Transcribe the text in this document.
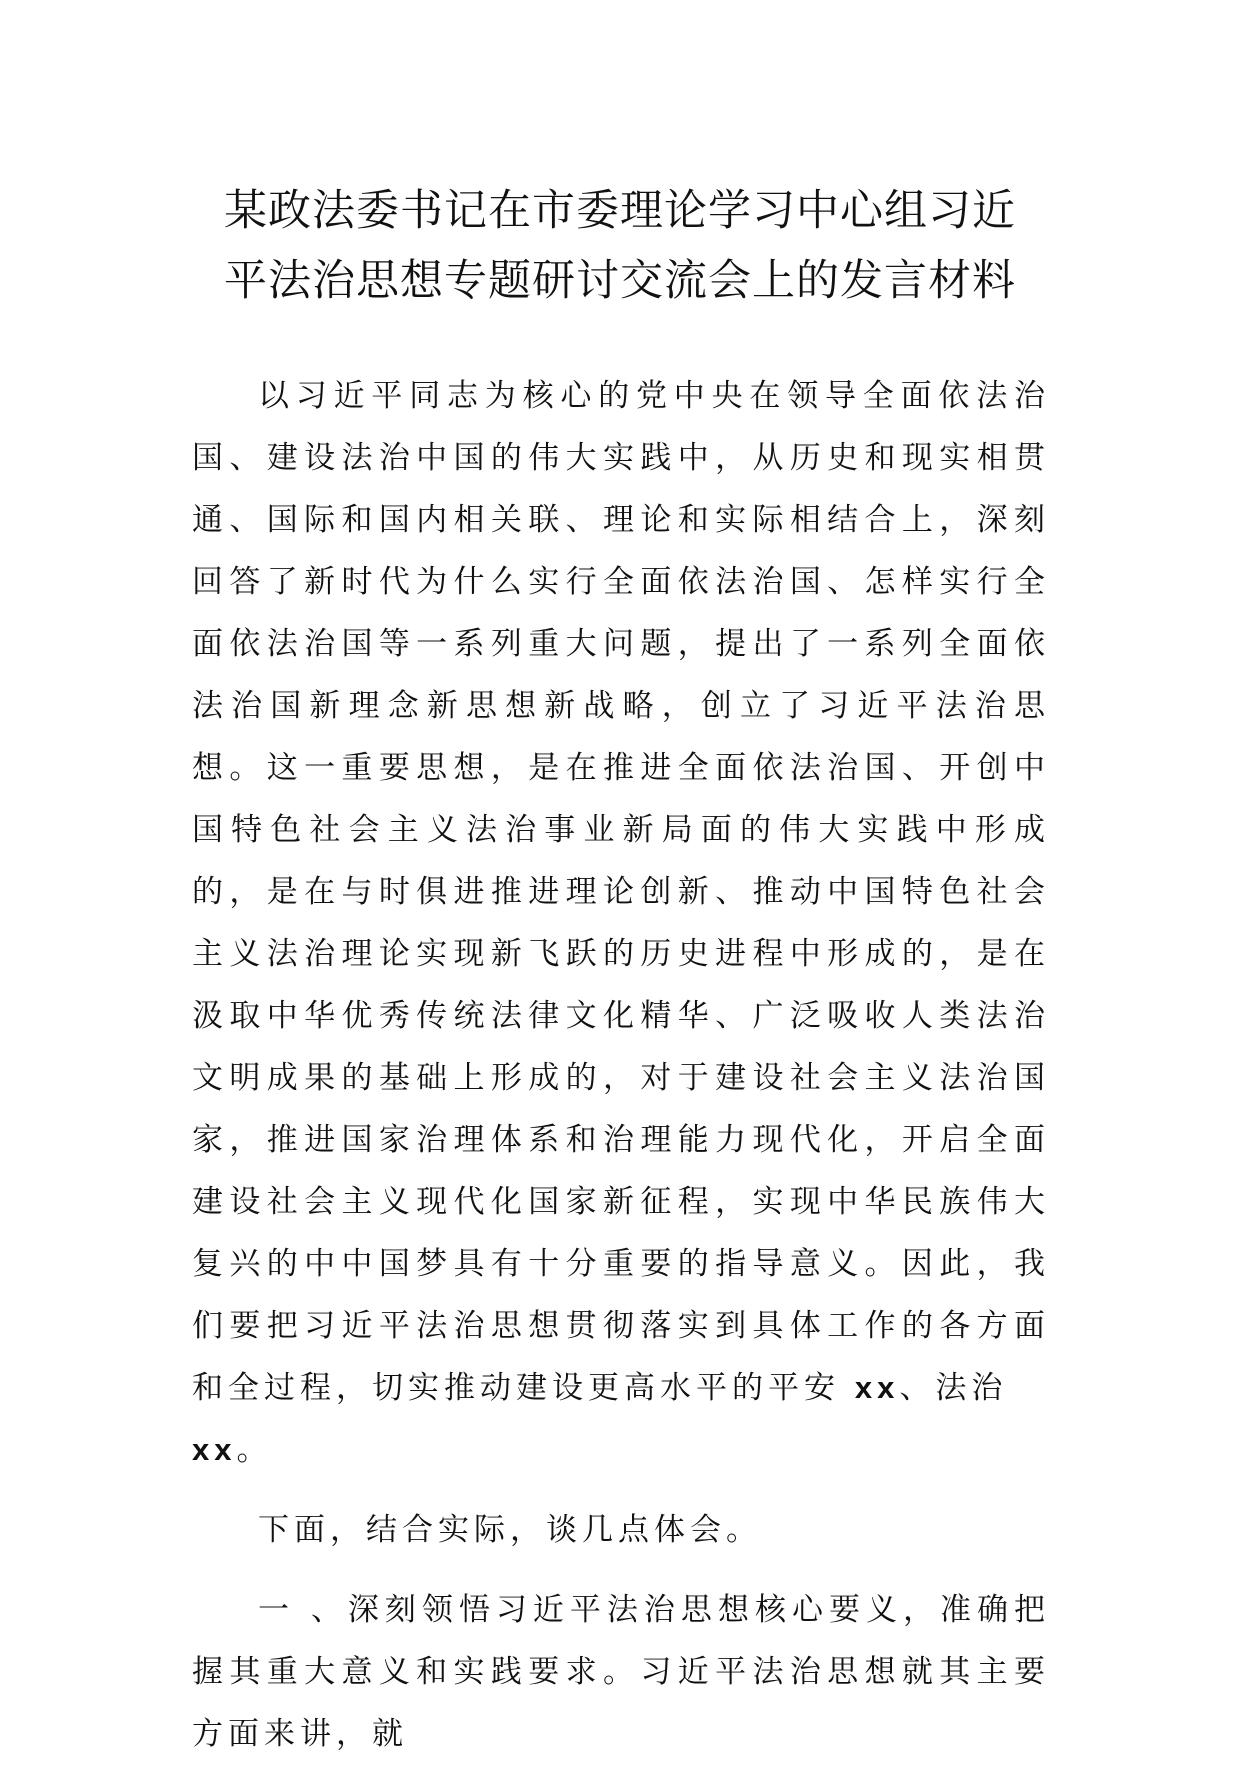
某政法委书记在市委理论学习中心组习近
平法治思想专题研讨交流会上的发言材料

以习近平同志为核心的党中央在领导全面依法治国、建设法治中国的伟大实践中，从历史和现实相贯通、国际和国内相关联、理论和实际相结合上，深刻回答了新时代为什么实行全面依法治国、怎样实行全面依法治国等一系列重大问题，提出了一系列全面依法治国新理念新思想新战略，创立了习近平法治思想。这一重要思想，是在推进全面依法治国、开创中国特色社会主义法治事业新局面的伟大实践中形成的，是在与时俱进推进理论创新、推动中国特色社会主义法治理论实现新飞跃的历史进程中形成的，是在汲取中华优秀传统法律文化精华、广泛吸收人类法治文明成果的基础上形成的，对于建设社会主义法治国家，推进国家治理体系和治理能力现代化，开启全面建设社会主义现代化国家新征程，实现中华民族伟大复兴的中中国梦具有十分重要的指导意义。因此，我们要把习近平法治思想贯彻落实到具体工作的各方面和全过程，切实推动建设更高水平的平安 xx、法治
xx。

下面，结合实际，谈几点体会。

一 、深刻领悟习近平法治思想核心要义，准确把握其重大意义和实践要求。习近平法治思想就其主要方面来讲，就
